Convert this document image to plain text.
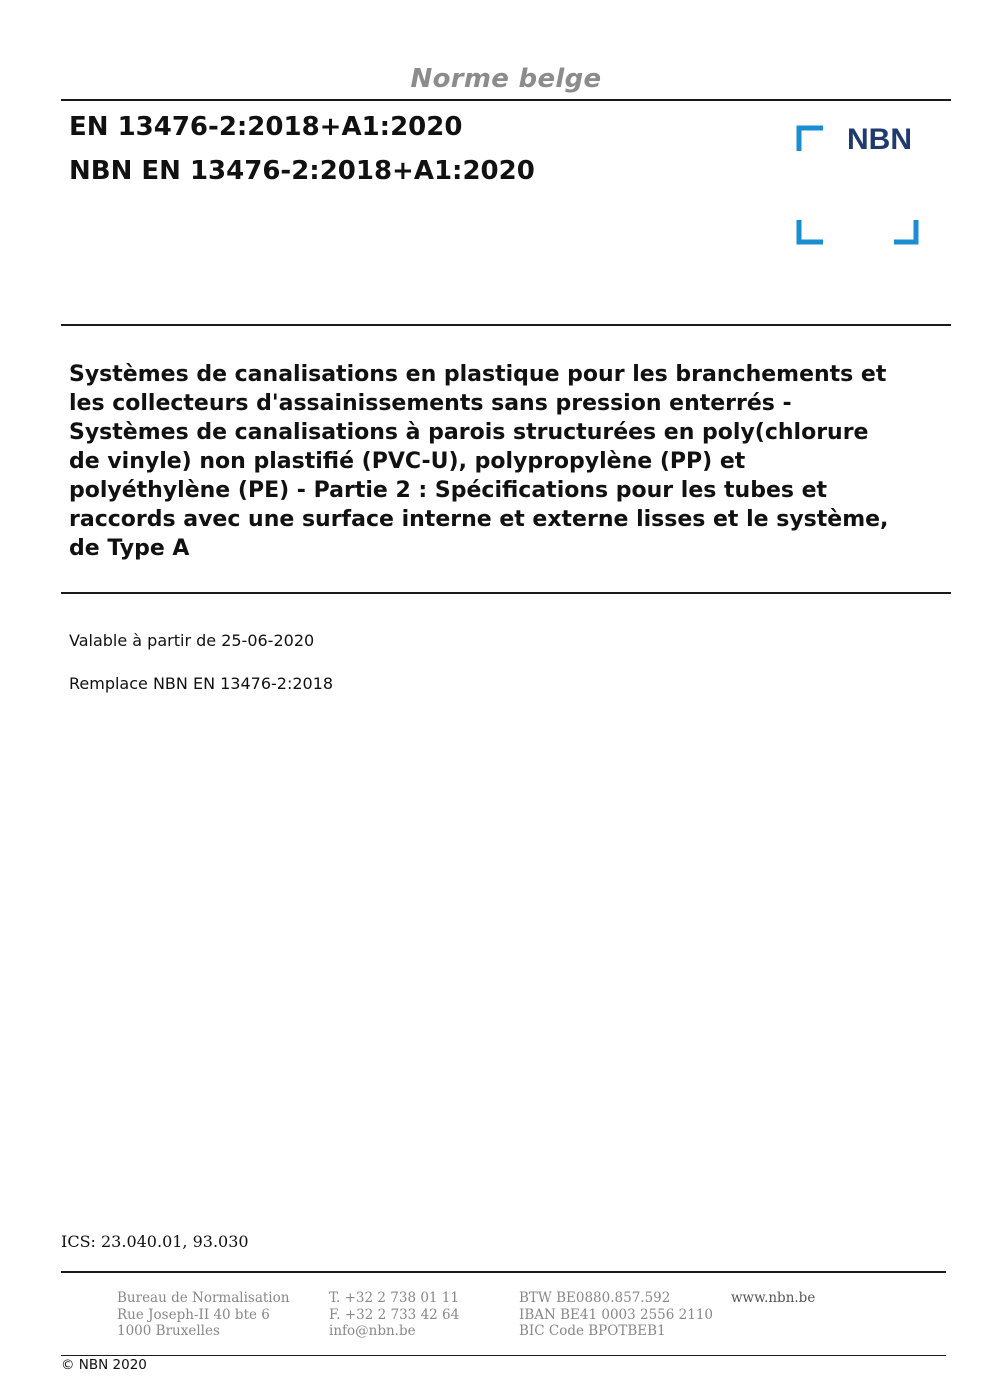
Norme belge
EN 13476-2:2018+A1:2020
NBN EN 13476-2:2018+A1:2020
NBN
Systèmes de canalisations en plastique pour les branchements et
les collecteurs d'assainissements sans pression enterrés -
Systèmes de canalisations à parois structurées en poly(chlorure
de vinyle) non plastifié (PVC-U), polypropylène (PP) et
polyéthylène (PE) - Partie 2 : Spécifications pour les tubes et
raccords avec une surface interne et externe lisses et le système,
de Type A
Valable à partir de 25-06-2020
Remplace NBN EN 13476-2:2018
ICS: 23.040.01, 93.030
Bureau de Normalisation
Rue Joseph-II 40 bte 6
1000 Bruxelles
T. +32 2 738 01 11
F. +32 2 733 42 64
info@nbn.be
BTW BE0880.857.592
IBAN BE41 0003 2556 2110
BIC Code BPOTBEB1
www.nbn.be
© NBN 2020
